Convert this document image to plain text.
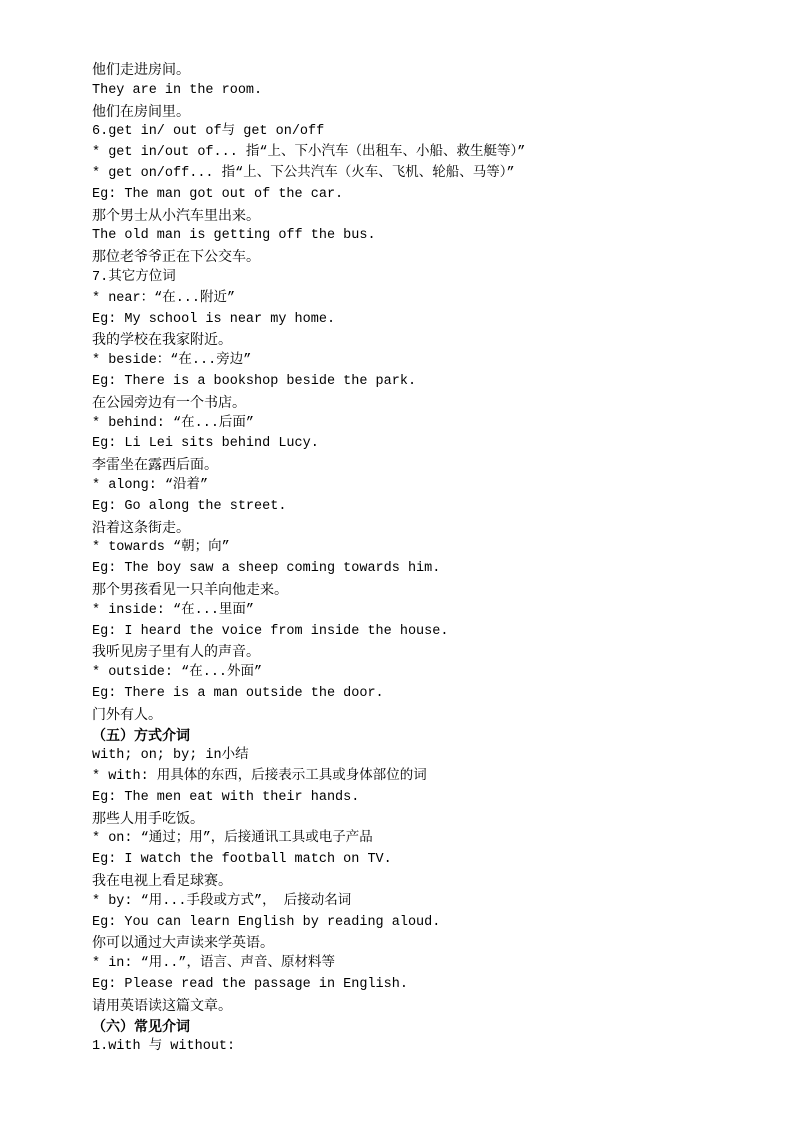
他们走进房间。
They are in the room.
他们在房间里。
6.get in/ out of与 get on/off
* get in/out of... 指“上、下小汽车（出租车、小船、救生艇等）”
* get on/off... 指“上、下公共汽车（火车、飞机、轮船、马等）”
Eg: The man got out of the car.
那个男士从小汽车里出来。
The old man is getting off the bus.
那位老爷爷正在下公交车。
7.其它方位词
* near：“在...附近”
Eg: My school is near my home.
我的学校在我家附近。
* beside：“在...旁边”
Eg: There is a bookshop beside the park.
在公园旁边有一个书店。
* behind: “在...后面”
Eg: Li Lei sits behind Lucy.
李雷坐在露西后面。
* along: “沿着”
Eg: Go along the street.
沿着这条街走。
* towards “朝；向”
Eg: The boy saw a sheep coming towards him.
那个男孩看见一只羊向他走来。
* inside: “在...里面”
Eg: I heard the voice from inside the house.
我听见房子里有人的声音。
* outside: “在...外面”
Eg: There is a man outside the door.
门外有人。
（五）方式介词
with; on; by; in小结
* with: 用具体的东西，后接表示工具或身体部位的词
Eg: The men eat with their hands.
那些人用手吃饭。
* on: “通过；用”，后接通讯工具或电子产品
Eg: I watch the football match on TV.
我在电视上看足球赛。
* by: “用...手段或方式”， 后接动名词
Eg: You can learn English by reading aloud.
你可以通过大声读来学英语。
* in: “用..”，语言、声音、原材料等
Eg: Please read the passage in English.
请用英语读这篇文章。
（六）常见介词
1.with 与 without:
